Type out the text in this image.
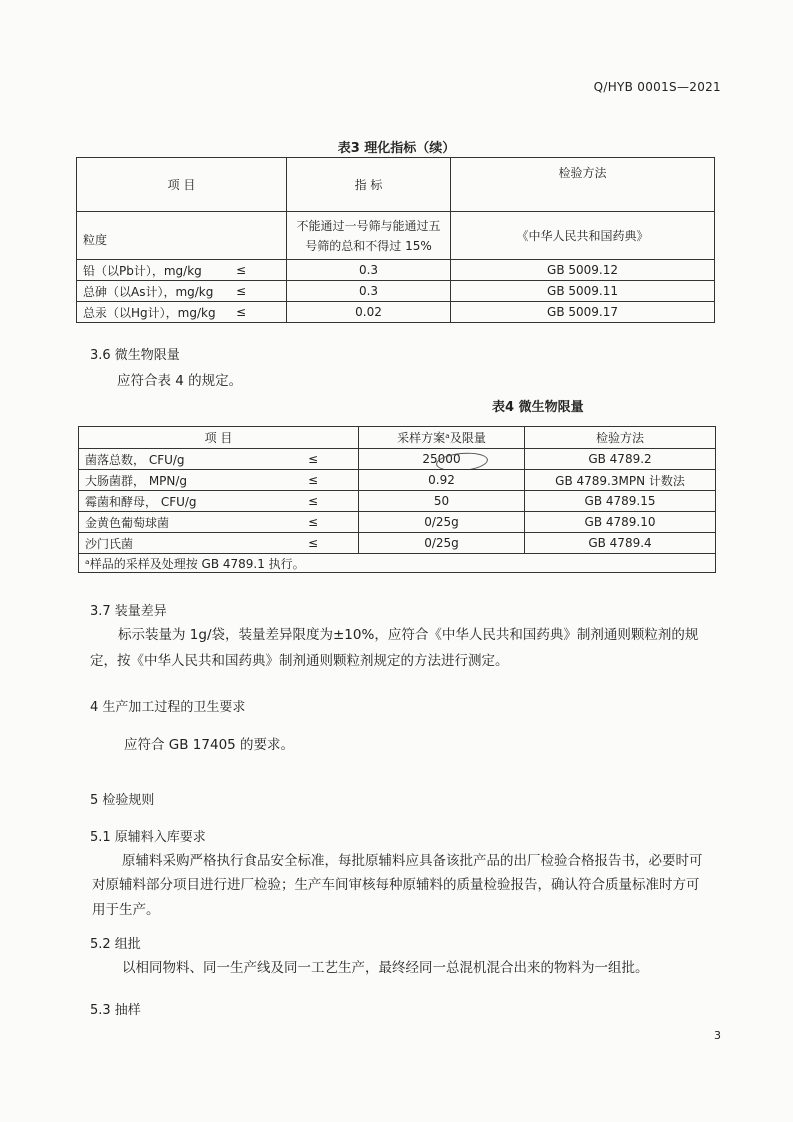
Q/HYB 0001S—2021
表3 理化指标（续）
项 目	指 标	检验方法
粒度	不能通过一号筛与能通过五号筛的总和不得过 15%	《中华人民共和国药典》
铅（以Pb计），mg/kg ≤	0.3	GB 5009.12
总砷（以As计），mg/kg ≤	0.3	GB 5009.11
总汞（以Hg计），mg/kg ≤	0.02	GB 5009.17
3.6 微生物限量
应符合表 4 的规定。
表4 微生物限量
项 目	采样方案ᵃ及限量	检验方法
菌落总数， CFU/g ≤	25000	GB 4789.2
大肠菌群， MPN/g ≤	0.92	GB 4789.3MPN 计数法
霉菌和酵母， CFU/g ≤	50	GB 4789.15
金黄色葡萄球菌 ≤	0/25g	GB 4789.10
沙门氏菌 ≤	0/25g	GB 4789.4
ᵃ样品的采样及处理按 GB 4789.1 执行。		
3.7 装量差异
标示装量为 1g/袋，装量差异限度为±10%，应符合《中华人民共和国药典》制剂通则颗粒剂的规
定，按《中华人民共和国药典》制剂通则颗粒剂规定的方法进行测定。
4 生产加工过程的卫生要求
应符合 GB 17405 的要求。
5 检验规则
5.1 原辅料入库要求
原辅料采购严格执行食品安全标准，每批原辅料应具备该批产品的出厂检验合格报告书，必要时可
对原辅料部分项目进行进厂检验；生产车间审核每种原辅料的质量检验报告，确认符合质量标准时方可
用于生产。
5.2 组批
以相同物料、同一生产线及同一工艺生产，最终经同一总混机混合出来的物料为一组批。
5.3 抽样
3
